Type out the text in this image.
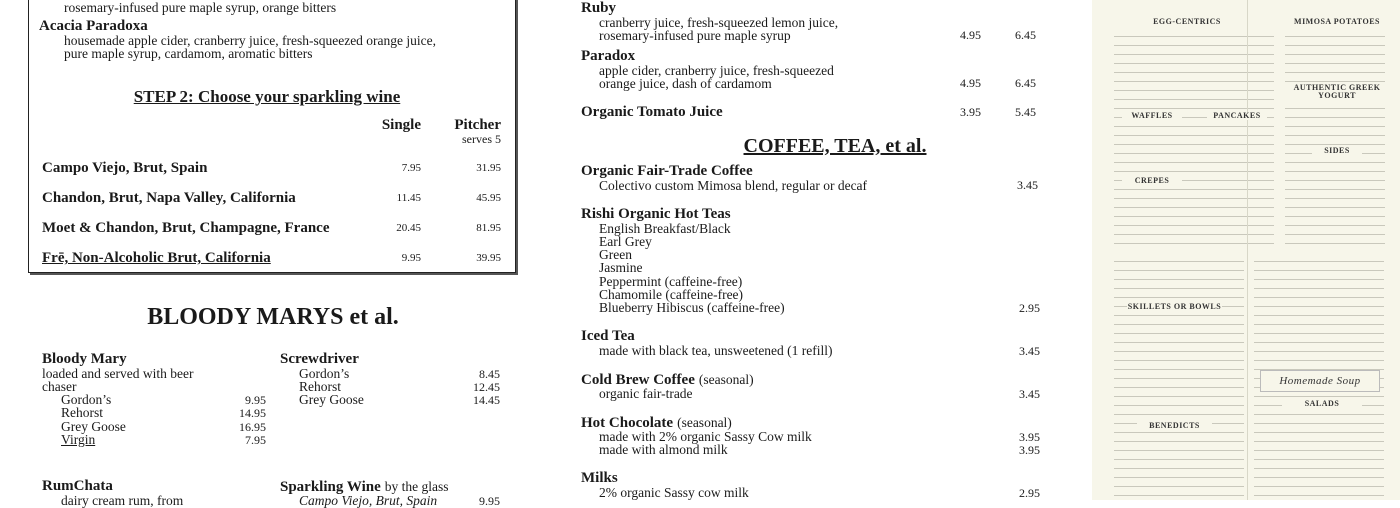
rosemary-infused pure maple syrup, orange bitters
Acacia Paradoxa
housemade apple cider, cranberry juice, fresh-squeezed orange juice,
pure maple syrup, cardamom, aromatic bitters
STEP 2: Choose your sparkling wine
Single	Pitcher
serves 5
Campo Viejo, Brut, Spain	7.95	31.95
Chandon, Brut, Napa Valley, California	11.45	45.95
Moet & Chandon, Brut, Champagne, France	20.45	81.95
Frē, Non-Alcoholic Brut, California	9.95	39.95
BLOODY MARYS et al.
Bloody Mary
loaded and served with beer
chaser
Gordon’s	9.95
Rehorst	14.95
Grey Goose	16.95
Virgin	7.95
Screwdriver
Gordon’s	8.45
Rehorst	12.45
Grey Goose	14.45
RumChata
dairy cream rum, from
Sparkling Wine by the glass
Campo Viejo, Brut, Spain	9.95
Ruby
cranberry juice, fresh-squeezed lemon juice,
rosemary-infused pure maple syrup	4.95	6.45
Paradox
apple cider, cranberry juice, fresh-squeezed
orange juice, dash of cardamom	4.95	6.45
Organic Tomato Juice	3.95	5.45
COFFEE, TEA, et al.
Organic Fair-Trade Coffee
Colectivo custom Mimosa blend, regular or decaf	3.45
Rishi Organic Hot Teas
English Breakfast/Black
Earl Grey
Green
Jasmine
Peppermint (caffeine-free)
Chamomile (caffeine-free)
Blueberry Hibiscus (caffeine-free)	2.95
Iced Tea
made with black tea, unsweetened (1 refill)	3.45
Cold Brew Coffee (seasonal)
organic fair-trade	3.45
Hot Chocolate (seasonal)
made with 2% organic Sassy Cow milk	3.95
made with almond milk	3.95
Milks
2% organic Sassy cow milk	2.95
EGG-CENTRICS	MIMOSA POTATOES
AUTHENTIC GREEK YOGURT
WAFFLES	PANCAKES
SIDES
CREPES
SKILLETS OR BOWLS
BENEDICTS
SALADS
Homemade Soup
